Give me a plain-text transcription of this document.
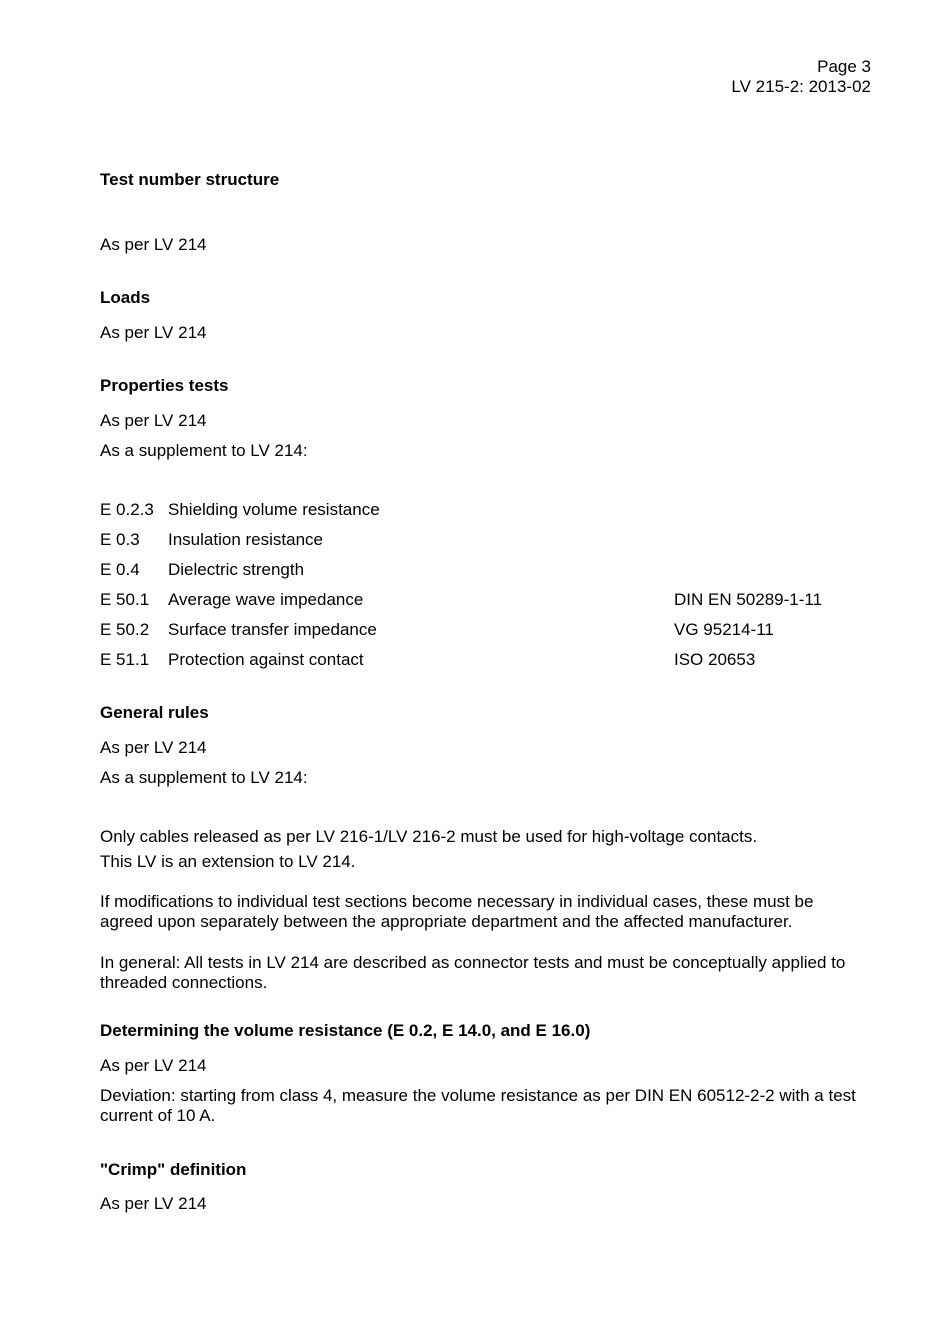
Page 3
LV 215-2: 2013-02
Test number structure
As per LV 214
Loads
As per LV 214
Properties tests
As per LV 214
As a supplement to LV 214:
E 0.2.3 Shielding volume resistance
E 0.3 Insulation resistance
E 0.4 Dielectric strength
E 50.1 Average wave impedance	DIN EN 50289-1-11
E 50.2 Surface transfer impedance	VG 95214-11
E 51.1 Protection against contact	ISO 20653
General rules
As per LV 214
As a supplement to LV 214:
Only cables released as per LV 216-1/LV 216-2 must be used for high-voltage contacts.
This LV is an extension to LV 214.
If modifications to individual test sections become necessary in individual cases, these must be agreed upon separately between the appropriate department and the affected manufacturer.
In general: All tests in LV 214 are described as connector tests and must be conceptually applied to threaded connections.
Determining the volume resistance (E 0.2, E 14.0, and E 16.0)
As per LV 214
Deviation: starting from class 4, measure the volume resistance as per DIN EN 60512-2-2 with a test current of 10 A.
"Crimp" definition
As per LV 214
